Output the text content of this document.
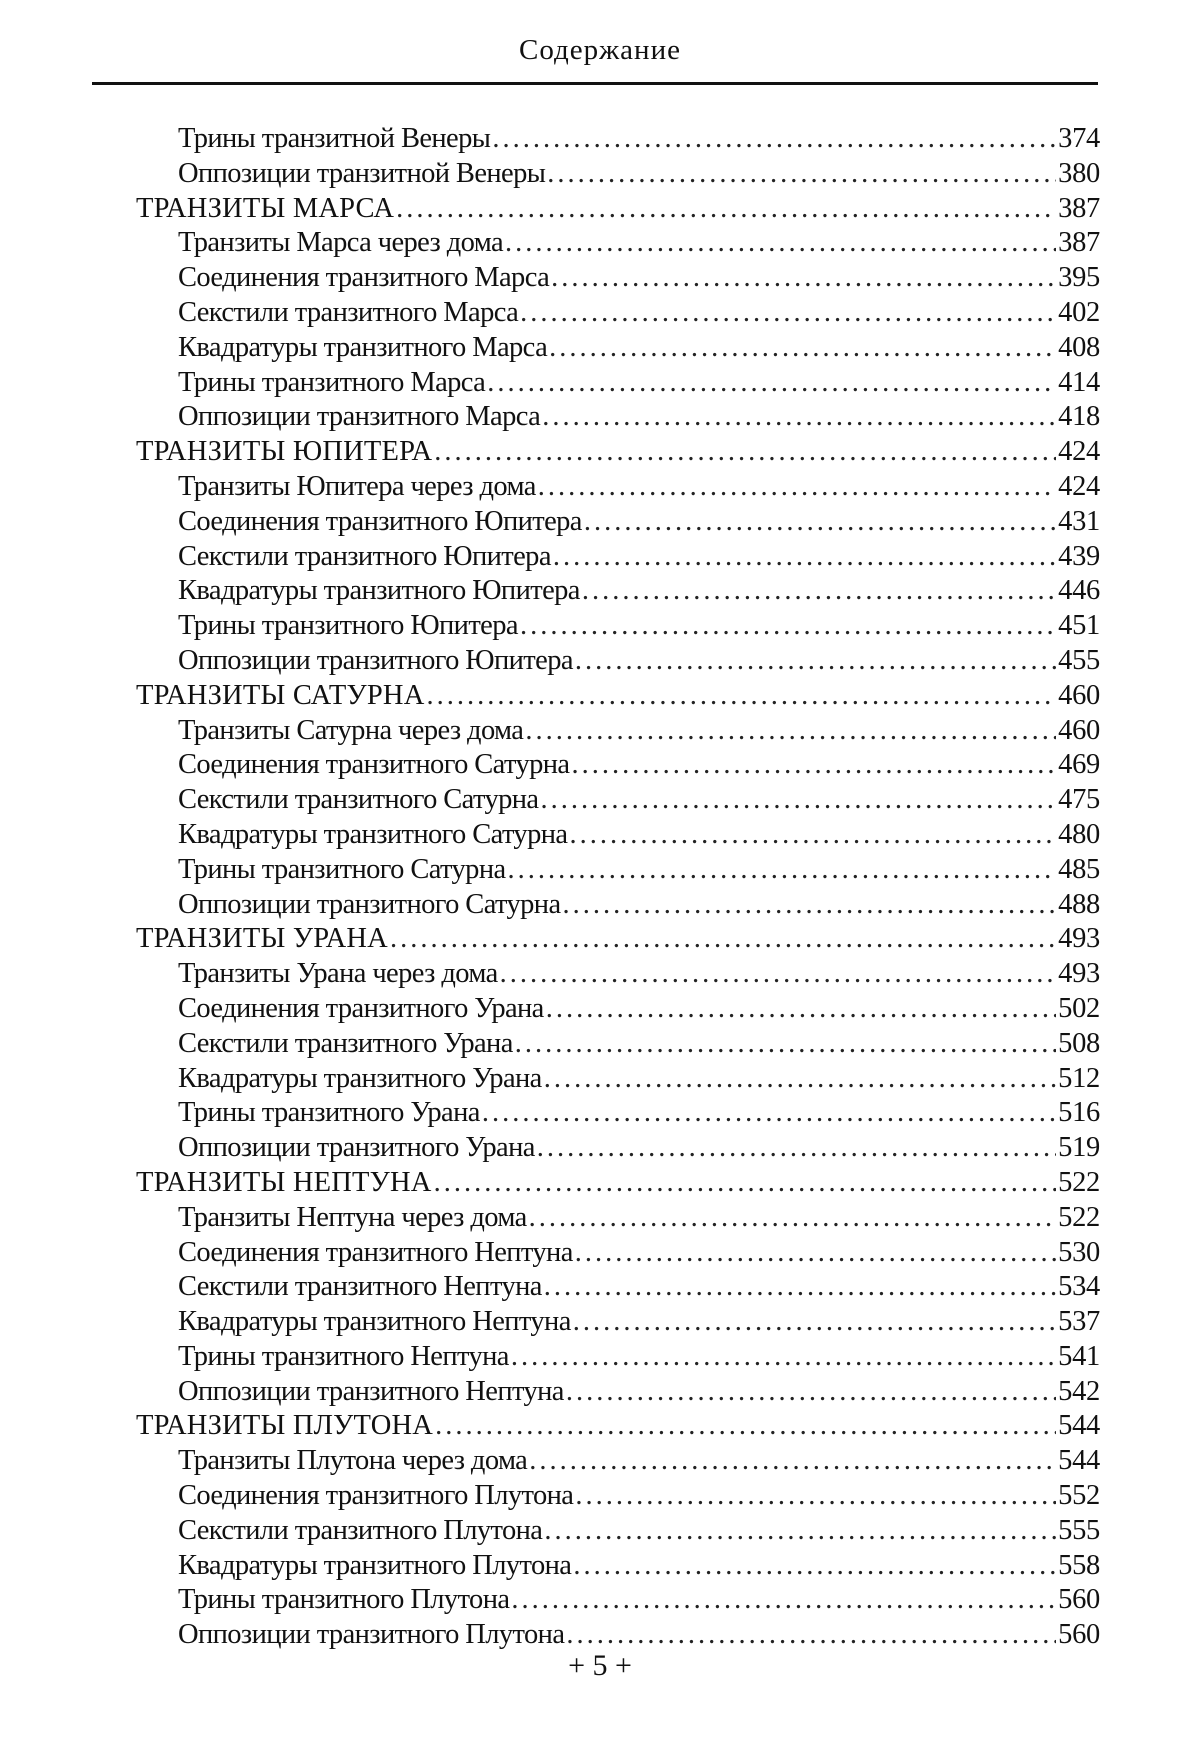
Содержание
Трины транзитной Венеры .....	374
Оппозиции транзитной Венеры .....	380
ТРАНЗИТЫ МАРСА .....	387
Транзиты Марса через дома .....	387
Соединения транзитного Марса .....	395
Секстили транзитного Марса .....	402
Квадратуры транзитного Марса .....	408
Трины транзитного Марса .....	414
Оппозиции транзитного Марса .....	418
ТРАНЗИТЫ ЮПИТЕРА .....	424
Транзиты Юпитера через дома .....	424
Соединения транзитного Юпитера .....	431
Секстили транзитного Юпитера .....	439
Квадратуры транзитного Юпитера .....	446
Трины транзитного Юпитера .....	451
Оппозиции транзитного Юпитера .....	455
ТРАНЗИТЫ САТУРНА .....	460
Транзиты Сатурна через дома .....	460
Соединения транзитного Сатурна .....	469
Секстили транзитного Сатурна .....	475
Квадратуры транзитного Сатурна .....	480
Трины транзитного Сатурна .....	485
Оппозиции транзитного Сатурна .....	488
ТРАНЗИТЫ УРАНА .....	493
Транзиты Урана через дома .....	493
Соединения транзитного Урана .....	502
Секстили транзитного Урана .....	508
Квадратуры транзитного Урана .....	512
Трины транзитного Урана .....	516
Оппозиции транзитного Урана .....	519
ТРАНЗИТЫ НЕПТУНА .....	522
Транзиты Нептуна через дома .....	522
Соединения транзитного Нептуна .....	530
Секстили транзитного Нептуна .....	534
Квадратуры транзитного Нептуна .....	537
Трины транзитного Нептуна .....	541
Оппозиции транзитного Нептуна .....	542
ТРАНЗИТЫ ПЛУТОНА .....	544
Транзиты Плутона через дома .....	544
Соединения транзитного Плутона .....	552
Секстили транзитного Плутона .....	555
Квадратуры транзитного Плутона .....	558
Трины транзитного Плутона .....	560
Оппозиции транзитного Плутона .....	560
+ 5 +
